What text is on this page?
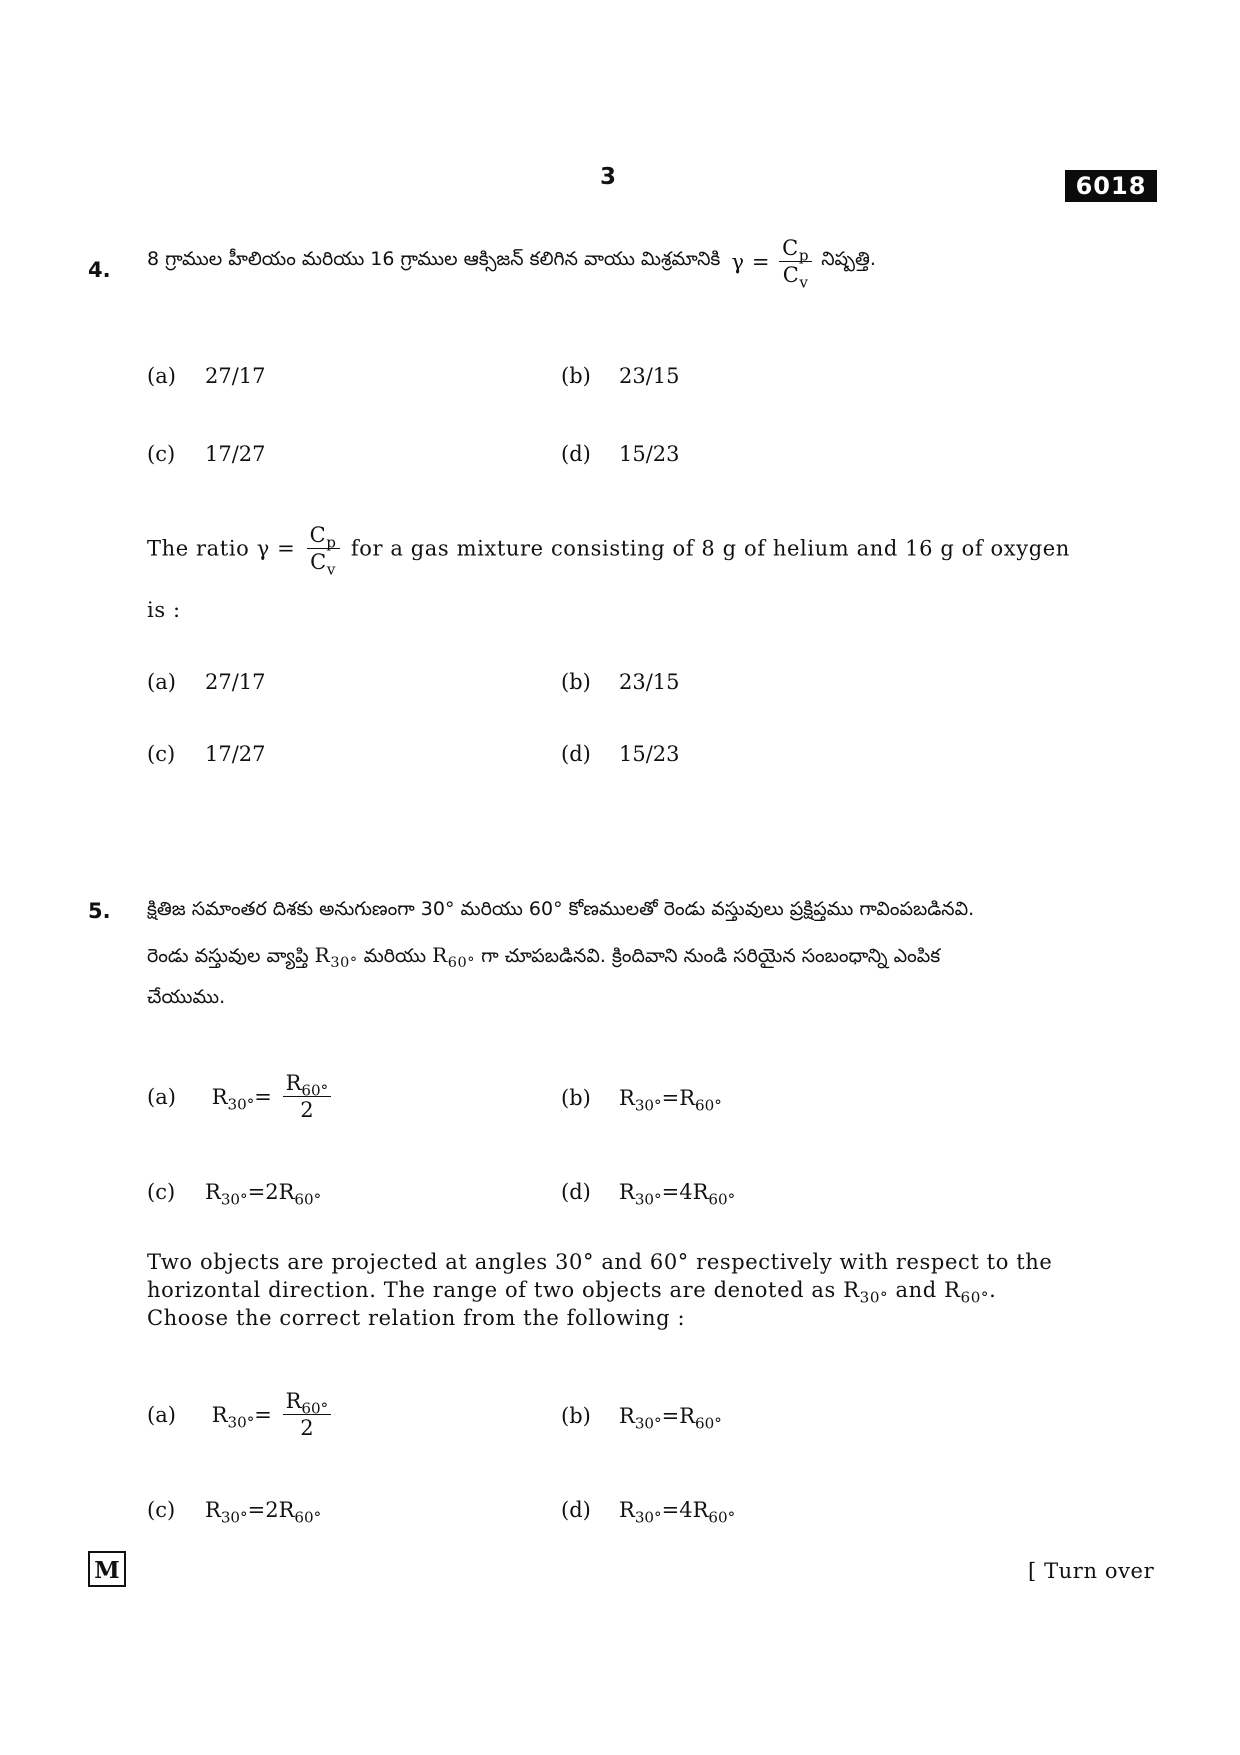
3	6018
4. 8 గ్రాముల హీలియం మరియు 16 గ్రాముల ఆక్సిజన్ కలిగిన వాయు మిశ్రమానికి $\gamma = \frac{C_p}{C_v}$ నిష్పత్తి.
(a) 27/17	(b) 23/15
(c) 17/27	(d) 15/23
The ratio $\gamma = \frac{C_p}{C_v}$ for a gas mixture consisting of 8 g of helium and 16 g of oxygen
is :
(a) 27/17	(b) 23/15
(c) 17/27	(d) 15/23
5. క్షితిజ సమాంతర దిశకు అనుగుణంగా 30° మరియు 60° కోణములతో రెండు వస్తువులు ప్రక్షిప్తము గావింపబడినవి.
రెండు వస్తువుల వ్యాప్తి $R_{30^\circ}$ మరియు $R_{60^\circ}$ గా చూపబడినవి. క్రిందివాని నుండి సరియైన సంబంధాన్ని ఎంపిక
చేయుము.
(a) $R_{30^\circ}= \frac{R_{60^\circ}}{2}$	(b) $R_{30^\circ}=R_{60^\circ}$
(c) $R_{30^\circ}=2R_{60^\circ}$	(d) $R_{30^\circ}=4R_{60^\circ}$
Two objects are projected at angles 30° and 60° respectively with respect to the
horizontal direction. The range of two objects are denoted as $R_{30^\circ}$ and $R_{60^\circ}$.
Choose the correct relation from the following :
(a) $R_{30^\circ}= \frac{R_{60^\circ}}{2}$	(b) $R_{30^\circ}=R_{60^\circ}$
(c) $R_{30^\circ}=2R_{60^\circ}$	(d) $R_{30^\circ}=4R_{60^\circ}$
M	[ Turn over
